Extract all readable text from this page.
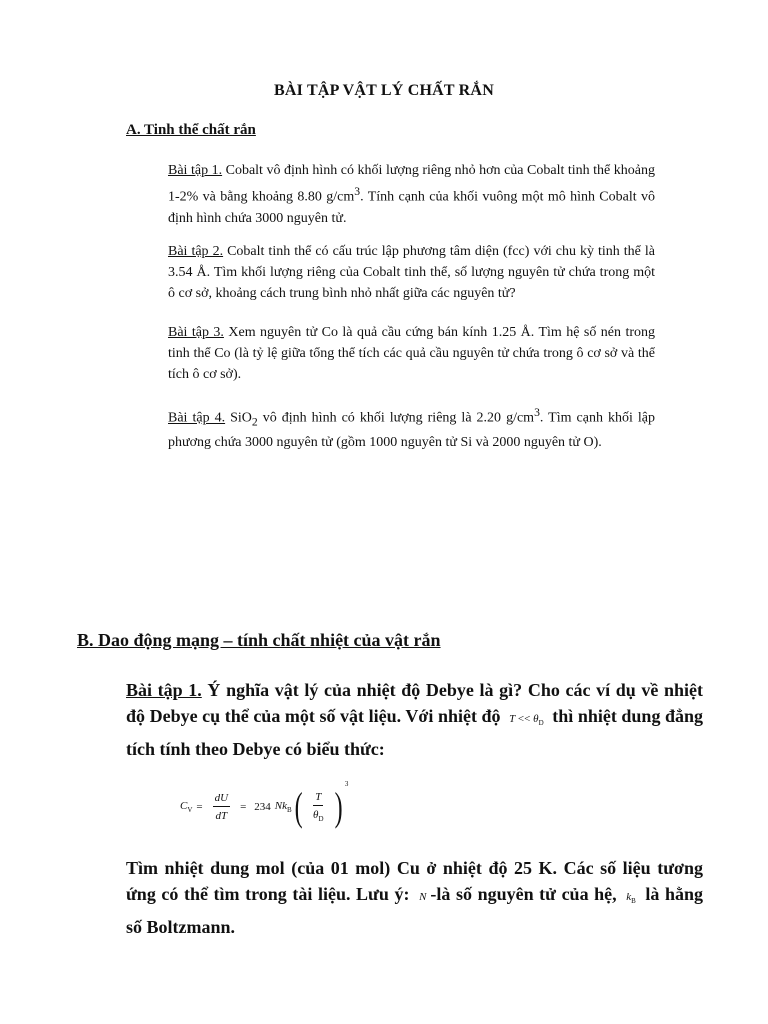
BÀI TẬP VẬT LÝ CHẤT RẮN
A. Tinh thể chất rắn

Bài tập 1. Cobalt vô định hình có khối lượng riêng nhỏ hơn của Cobalt tinh thể khoảng 1-2% và bằng khoảng 8.80 $g/cm^3$. Tính cạnh của khối vuông một mô hình Cobalt vô định hình chứa 3000 nguyên tử.

Bài tập 2. Cobalt tinh thể có cấu trúc lập phương tâm diện (fcc) với chu kỳ tinh thể là 3.54 Å. Tìm khối lượng riêng của Cobalt tinh thể, số lượng nguyên tử chứa trong một ô cơ sở, khoảng cách trung bình nhỏ nhất giữa các nguyên tử?

Bài tập 3. Xem nguyên tử Co là quả cầu cứng bán kính 1.25 Å. Tìm hệ số nén trong tinh thể Co (là tỷ lệ giữa tổng thể tích các quả cầu nguyên tử chứa trong ô cơ sở và thể tích ô cơ sở).

Bài tập 4. SiO$_2$ vô định hình có khối lượng riêng là 2.20 $g/cm^3$. Tìm cạnh khối lập phương chứa 3000 nguyên tử (gồm 1000 nguyên tử Si và 2000 nguyên tử O).

B. Dao động mạng – tính chất nhiệt của vật rắn

Bài tập 1. Ý nghĩa vật lý của nhiệt độ Debye là gì? Cho các ví dụ về nhiệt độ Debye cụ thể của một số vật liệu. Với nhiệt độ $T << \theta_D$ thì nhiệt dung đẳng tích tính theo Debye có biểu thức:

$C_V = \frac{dU}{dT} = 234$ $Nk_B$ ( $\frac{T}{\theta_D}$ ) 3

Tìm nhiệt dung mol (của 01 mol) Cu ở nhiệt độ 25 K. Các số liệu tương ứng có thể tìm trong tài liệu. Lưu ý: N -là số nguyên tử của hệ, $k_B$ là hằng số Boltzmann.
